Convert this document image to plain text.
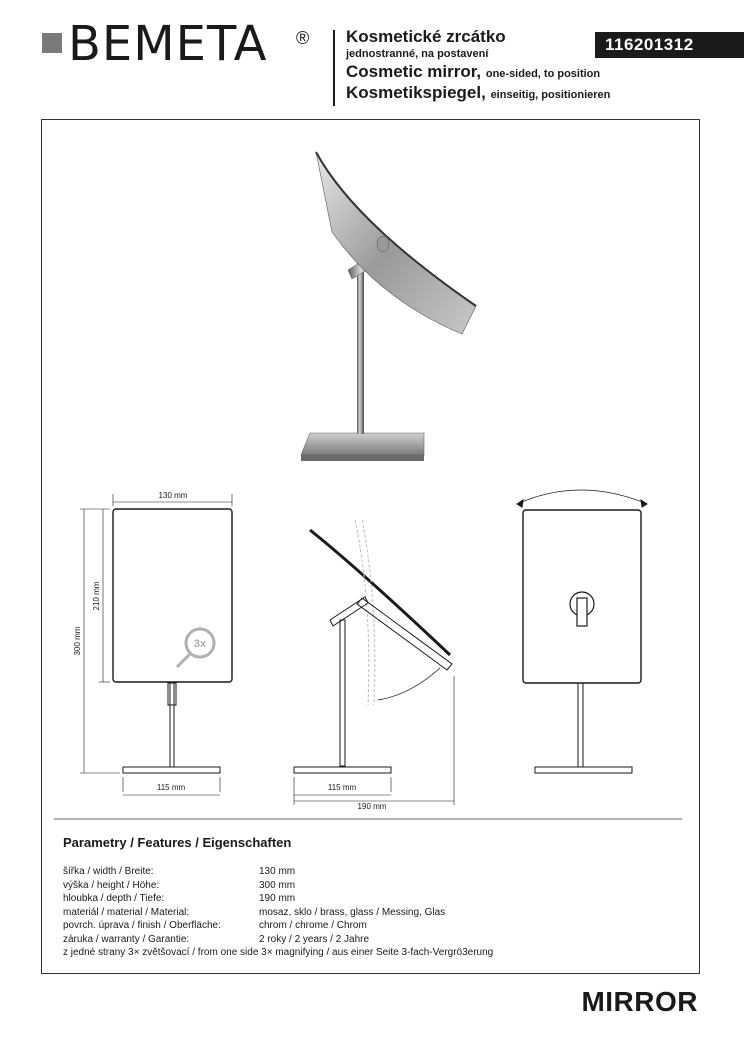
BEMETA ® Kosmetické zrcátko
jednostranné, na postavení
Cosmetic mirror, one-sided, to position
Kosmetikspiegel, einseitig, positionieren
116201312
130 mm
300 mm
210 mm
3x
115 mm	115 mm
190 mm
Parametry / Features / Eigenschaften
šířka / width / Breite:	130 mm
výška / height / Höhe:	300 mm
hloubka / depth / Tiefe:	190 mm
materiál / material / Material:	mosaz, sklo / brass, glass / Messing, Glas
povrch. úprava / finish / Oberfläche:	chrom / chrome / Chrom
záruka / warranty / Garantie:	2 roky / 2 years / 2 Jahre
z jedné strany 3× zvětšovací / from one side 3× magnifying / aus einer Seite 3-fach-Vergrö3erung
MIRROR
